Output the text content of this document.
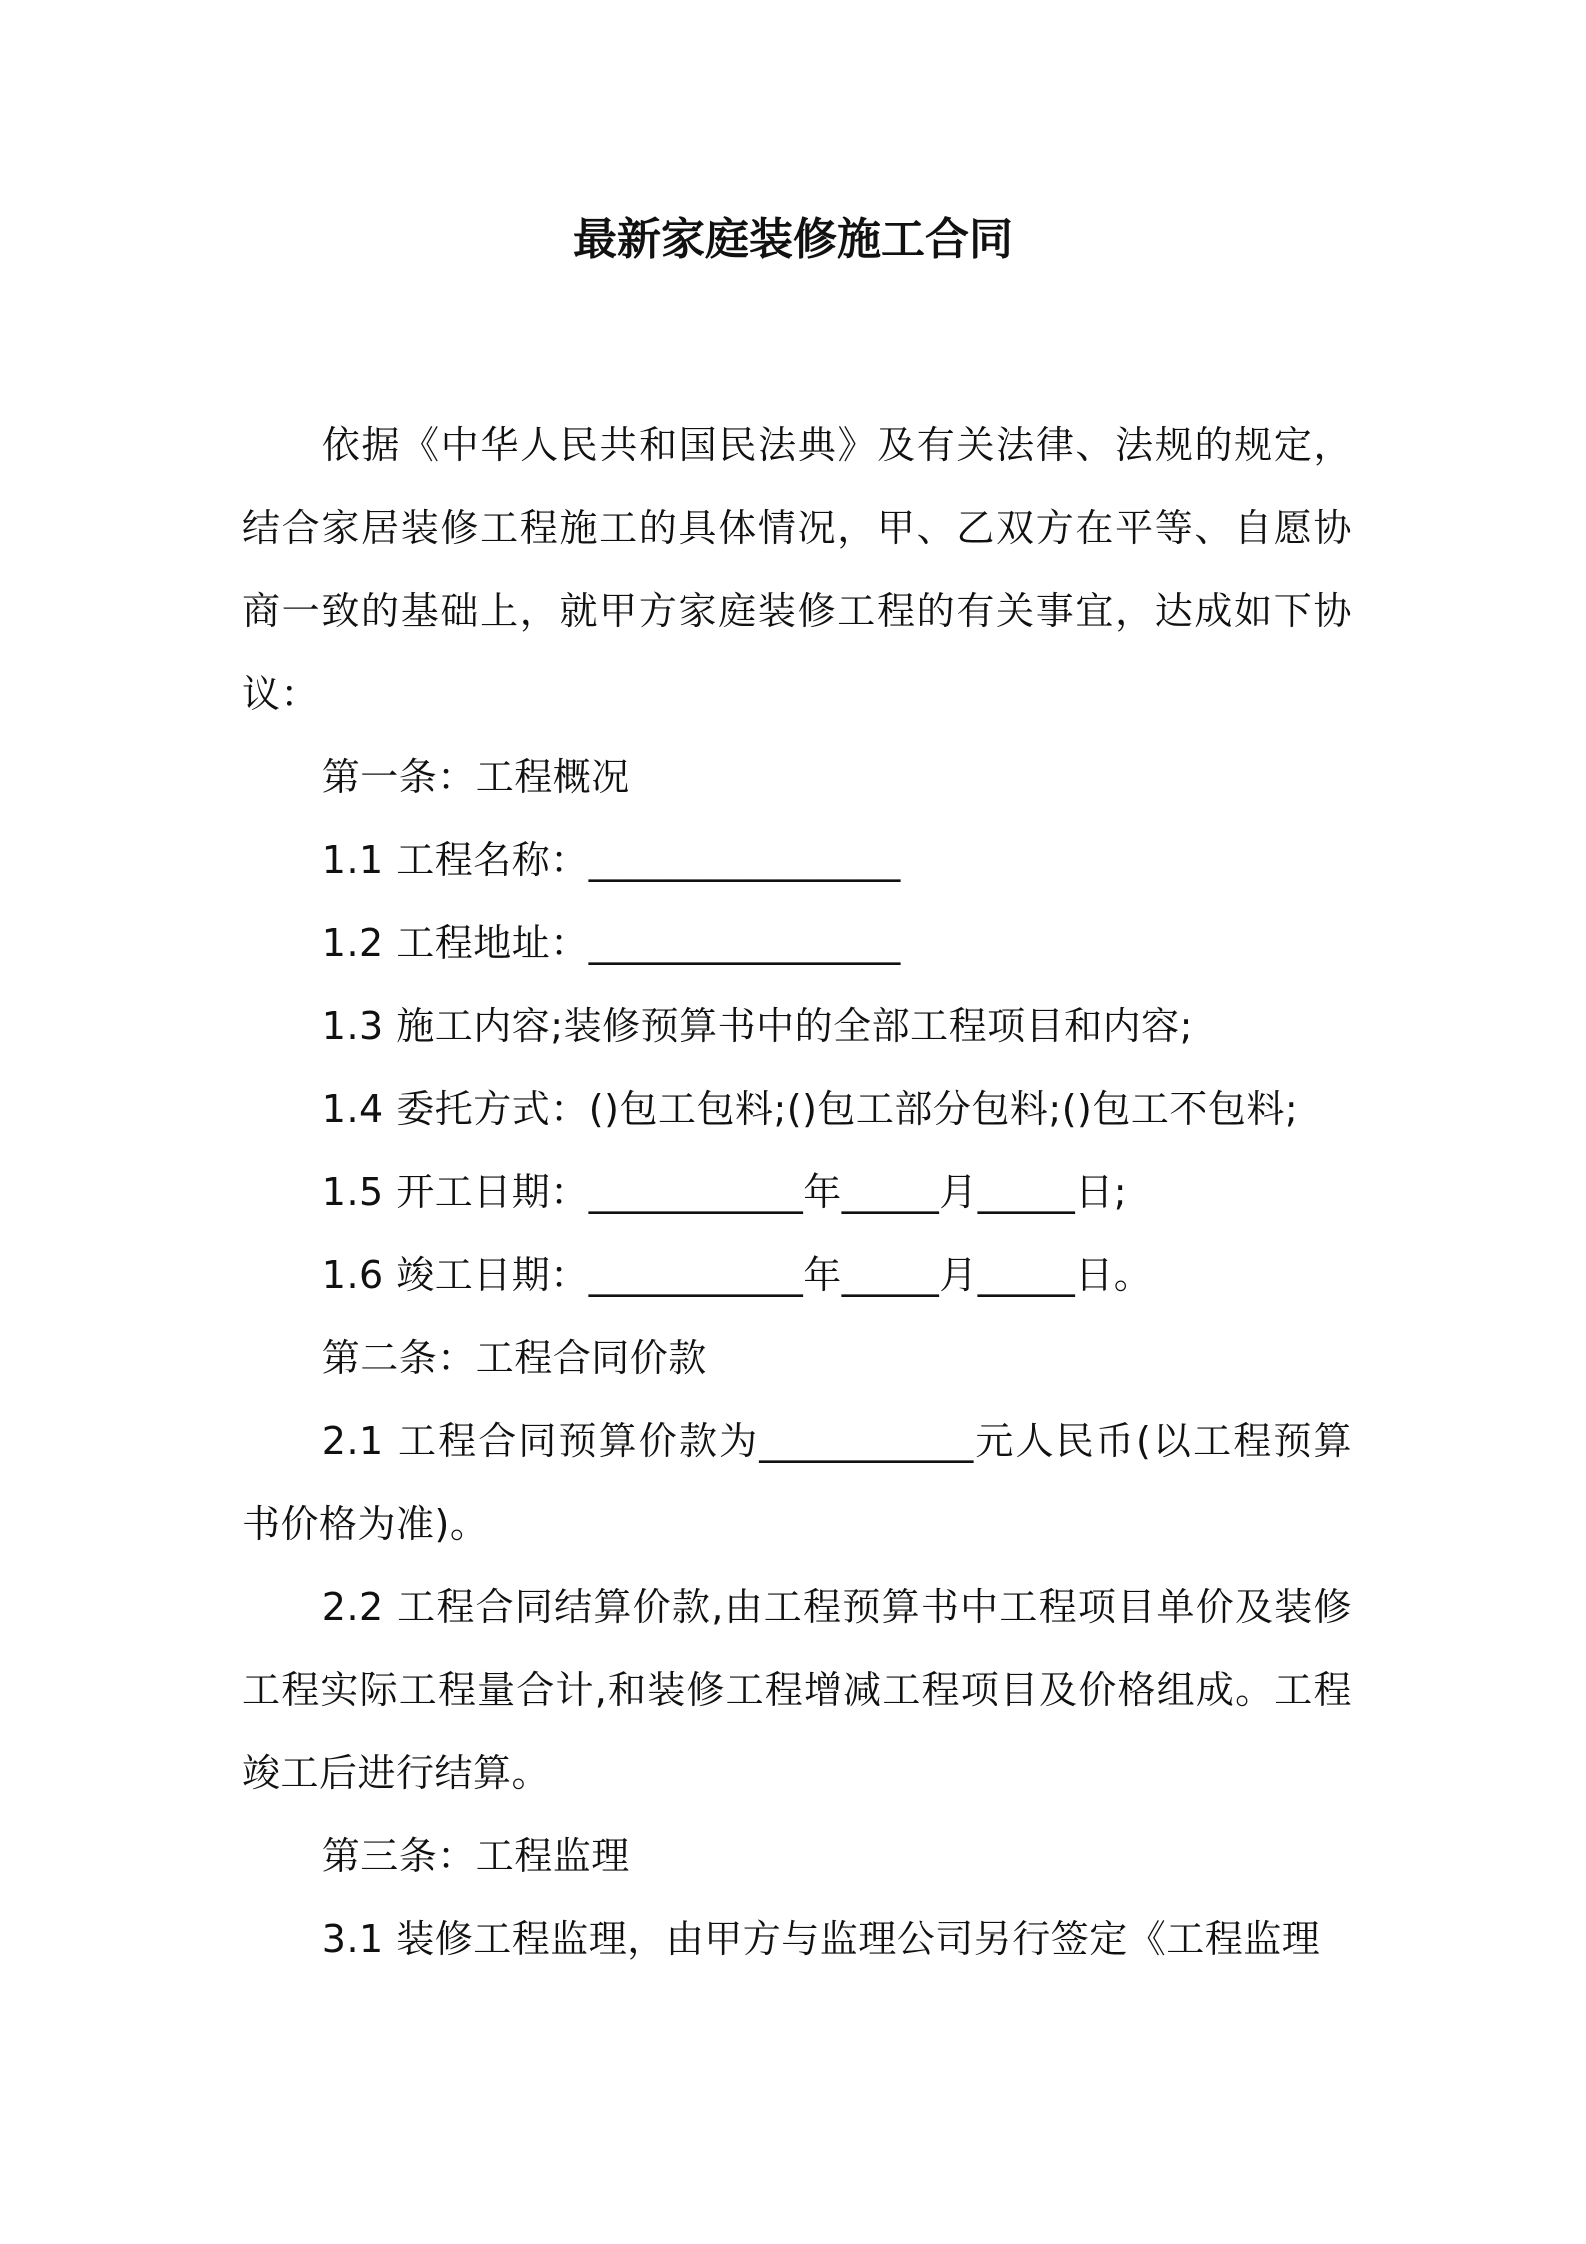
最新家庭装修施工合同

依据《中华人民共和国民法典》及有关法律、法规的规定，结合家居装修工程施工的具体情况，甲、乙双方在平等、自愿协商一致的基础上，就甲方家庭装修工程的有关事宜，达成如下协议：

第一条：工程概况

1.1 工程名称：________________

1.2 工程地址：________________

1.3 施工内容;装修预算书中的全部工程项目和内容;

1.4 委托方式：()包工包料;()包工部分包料;()包工不包料;

1.5 开工日期：___________年_____月_____日;

1.6 竣工日期：___________年_____月_____日。

第二条：工程合同价款

2.1 工程合同预算价款为___________元人民币(以工程预算书价格为准)。

2.2 工程合同结算价款,由工程预算书中工程项目单价及装修工程实际工程量合计,和装修工程增减工程项目及价格组成。工程竣工后进行结算。

第三条：工程监理

3.1 装修工程监理，由甲方与监理公司另行签定《工程监理
